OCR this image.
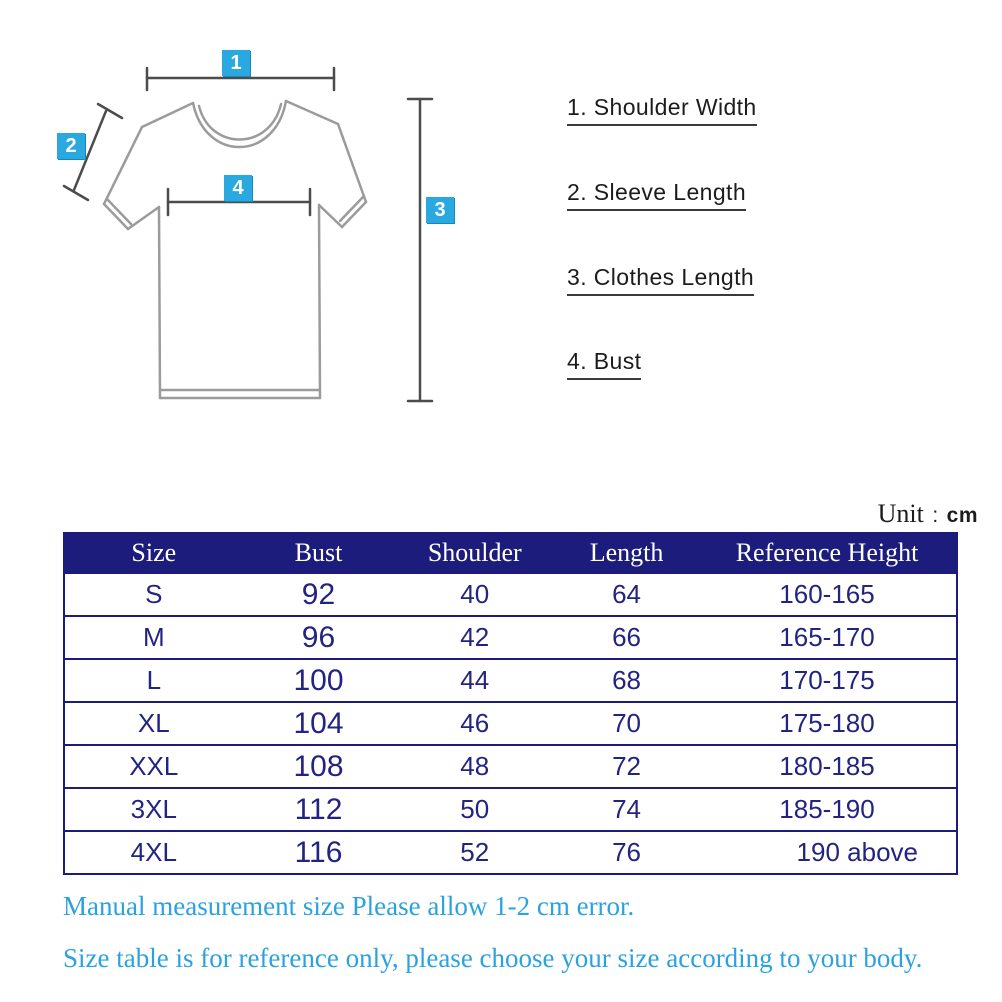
1
2
3
4
1. Shoulder Width
2. Sleeve Length
3. Clothes Length
4. Bust
Unit : cm
Size	Bust	Shoulder	Length	Reference Height
S	92	40	64	160-165
M	96	42	66	165-170
L	100	44	68	170-175
XL	104	46	70	175-180
XXL	108	48	72	180-185
3XL	112	50	74	185-190
4XL	116	52	76	190 above
Manual measurement size Please allow 1-2 cm error.
Size table is for reference only, please choose your size according to your body.
